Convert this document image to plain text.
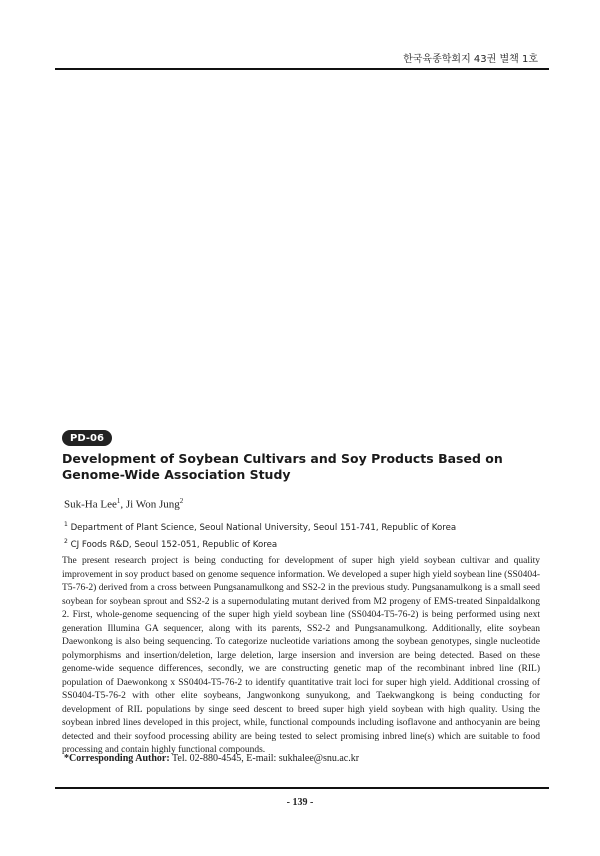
한국육종학회지 43권 별책 1호
PD-06
Development of Soybean Cultivars and Soy Products Based on Genome-Wide Association Study
Suk-Ha Lee$^1$, Ji Won Jung$^2$
$^1$ Department of Plant Science, Seoul National University, Seoul 151-741, Republic of Korea
$^2$ CJ Foods R&D, Seoul 152-051, Republic of Korea

The present research project is being conducting for development of super high yield soybean cultivar and quality improvement in soy product based on genome sequence information. We developed a super high yield soybean line (SS0404-T5-76-2) derived from a cross between Pungsanamulkong and SS2-2 in the previous study. Pungsanamulkong is a small seed soybean for soybean sprout and SS2-2 is a supernodulating mutant derived from M2 progeny of EMS-treated Sinpaldalkong 2. First, whole-genome sequencing of the super high yield soybean line (SS0404-T5-76-2) is being performed using next generation Illumina GA sequencer, along with its parents, SS2-2 and Pungsanamulkong. Additionally, elite soybean Daewonkong is also being sequencing. To categorize nucleotide variations among the soybean genotypes, single nucleotide polymorphisms and insertion/deletion, large deletion, large insersion and inversion are being detected. Based on these genome-wide sequence differences, secondly, we are constructing genetic map of the recombinant inbred line (RIL) population of Daewonkong x SS0404-T5-76-2 to identify quantitative trait loci for super high yield. Additional crossing of SS0404-T5-76-2 with other elite soybeans, Jangwonkong sunyukong, and Taekwangkong is being conducting for development of RIL populations by singe seed descent to breed super high yield soybean with high quality. Using the soybean inbred lines developed in this project, while, functional compounds including isoflavone and anthocyanin are being detected and their soyfood processing ability are being tested to select promising inbred line(s) which are suitable to food processing and contain highly functional compounds.

*Corresponding Author: Tel. 02-880-4545, E-mail: sukhalee@snu.ac.kr
- 139 -
